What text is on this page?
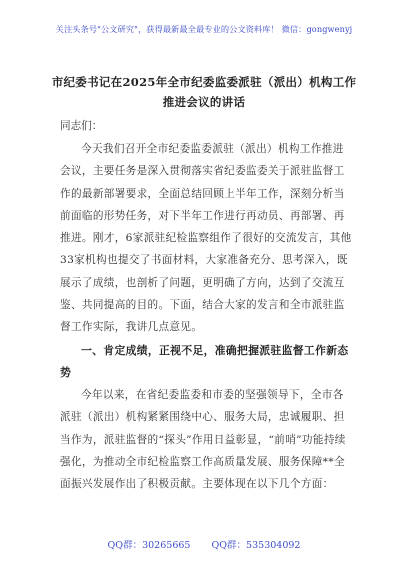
关注头条号"公文研究"，获得最新最全最专业的公文资料库！ 微信：gongwenyj
市纪委书记在2025年全市纪委监委派驻（派出）机构工作
推进会议的讲话
同志们：
今天我们召开全市纪委监委派驻（派出）机构工作推进会议，主要任务是深入贯彻落实省纪委监委关于派驻监督工作的最新部署要求，全面总结回顾上半年工作，深刻分析当前面临的形势任务，对下半年工作进行再动员、再部署、再推进。刚才，6家派驻纪检监察组作了很好的交流发言，其他33家机构也提交了书面材料，大家准备充分、思考深入，既展示了成绩，也剖析了问题，更明确了方向，达到了交流互鉴、共同提高的目的。下面，结合大家的发言和全市派驻监督工作实际，我讲几点意见。
一、肯定成绩，正视不足，准确把握派驻监督工作新态势
今年以来，在省纪委监委和市委的坚强领导下，全市各派驻（派出）机构紧紧围绕中心、服务大局，忠诚履职、担当作为，派驻监督的“探头”作用日益彰显，“前哨”功能持续强化，为推动全市纪检监察工作高质量发展、服务保障**全面振兴发展作出了积极贡献。主要体现在以下几个方面：
QQ群：30265665 QQ群：535304092
